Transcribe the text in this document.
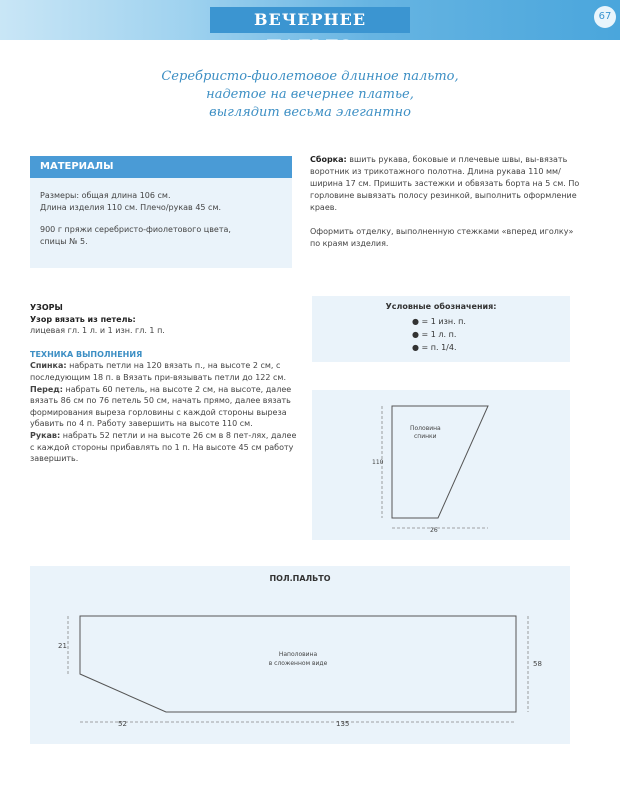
ВЕЧЕРНЕЕ ПАЛЬТО
67
Серебристо-фиолетовое длинное пальто,
надетое на вечернее платье,
выглядит весьма элегантно
МАТЕРИАЛЫ
Размеры: общая длина 106 см.
Длина изделия 110 см. Плечо/рукав 45 см.
900 г пряжи серебристо-фиолетового цвета,
спицы № 5.

Сборка: вшить рукава, боковые и плечевые швы, вы-вязать воротник из трикотажного полотна. Длина рукава 110 мм/ширина 17 см. Пришить застежки и обвязать борта на 5 см. По горловине вывязать полосу резинкой, выполнить оформление краев.

Оформить отделку, выполненную стежками «вперед иголку» по краям изделия.

Условные обозначения:
● = 1 изн. п.
● = 1 л. п.
● = п. 1/4.

УЗОРЫ

Узор вязать из петель:

лицевая гл. 1 л. и 1 изн. гл. 1 п.

ТЕХНИКА ВЫПОЛНЕНИЯ

Спинка: набрать петли на 120 вязать п., на высоте 2 см, с последующим 18 п. в Вязать при-вязывать петли до 122 см.

Перед: набрать 60 петель, на высоте 2 см, на высоте, далее вязать 86 см по 76 петель 50 см, начать прямо, далее вязать формирования выреза горловины с каждой стороны выреза убавить по 4 п. Работу завершить на высоте 110 см.

Рукав: набрать 52 петли и на высоте 26 см в 8 пет-лях, далее с каждой стороны прибавлять по 1 п. На высоте 45 см работу завершить.

Половина
спинки
110
26
ПОЛ.ПАЛЬТО
Наполовина
в сложенном виде
21
58
52	135
